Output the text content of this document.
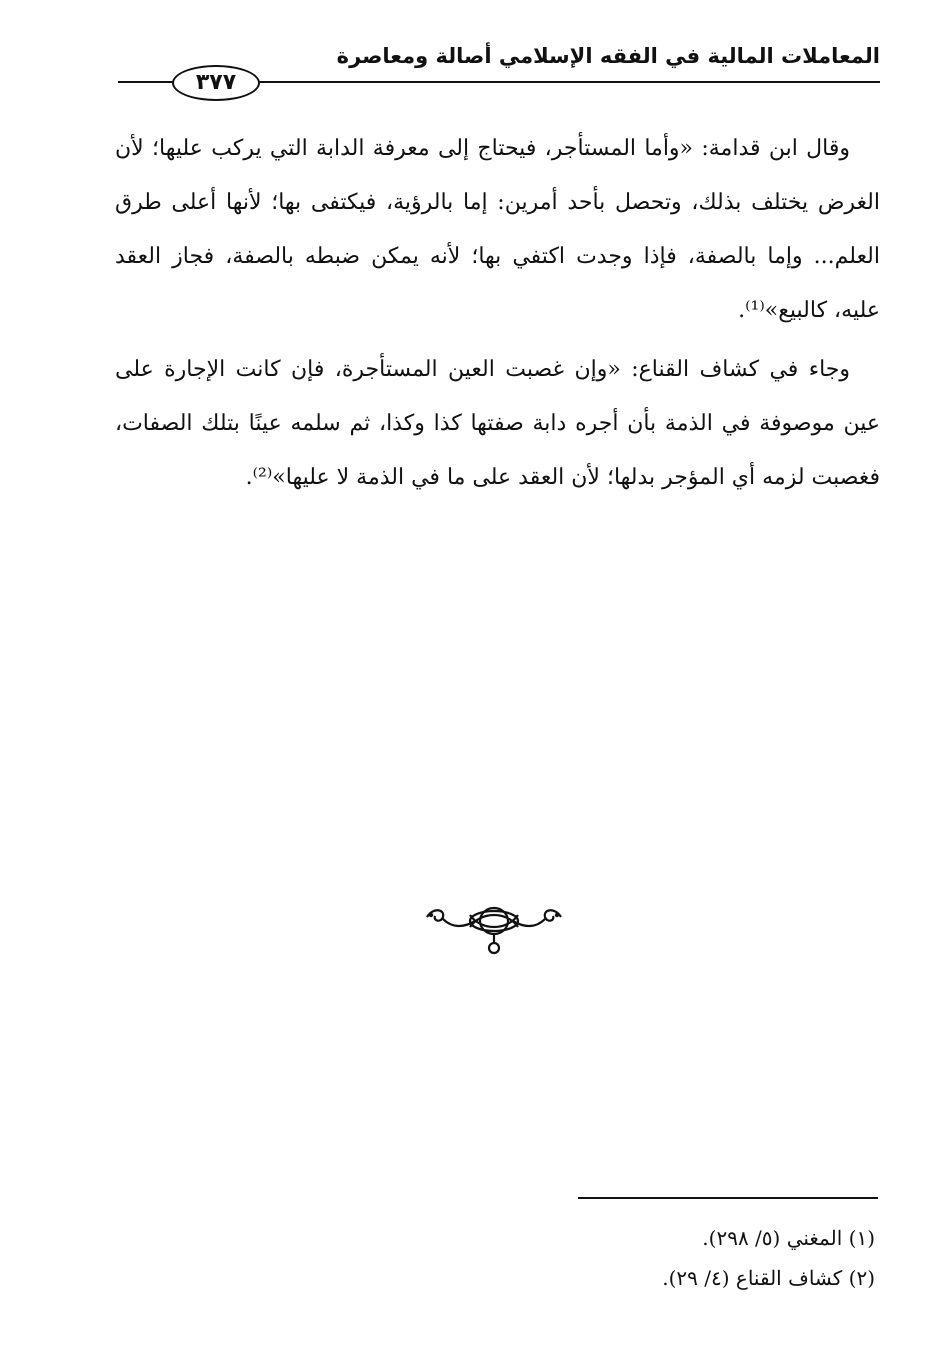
المعاملات المالية في الفقه الإسلامي أصالة ومعاصرة
٣٧٧

وقال ابن قدامة: «وأما المستأجر، فيحتاج إلى معرفة الدابة التي يركب عليها؛ لأن الغرض يختلف بذلك، وتحصل بأحد أمرين: إما بالرؤية، فيكتفى بها؛ لأنها أعلى طرق العلم... وإما بالصفة، فإذا وجدت اكتفي بها؛ لأنه يمكن ضبطه بالصفة، فجاز العقد عليه، كالبيع»⁽¹⁾.

وجاء في كشاف القناع: «وإن غصبت العين المستأجرة، فإن كانت الإجارة على عين موصوفة في الذمة بأن أجره دابة صفتها كذا وكذا، ثم سلمه عينًا بتلك الصفات، فغصبت لزمه أي المؤجر بدلها؛ لأن العقد على ما في الذمة لا عليها»⁽²⁾.

(١) المغني (٥/ ٢٩٨).
(٢) كشاف القناع (٤/ ٢٩).
